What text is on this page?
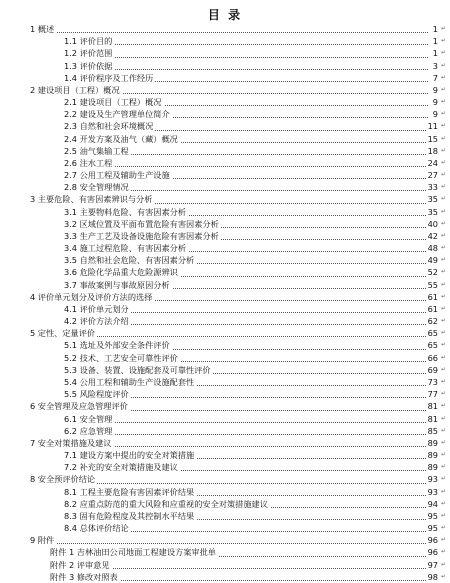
目 录
1 概述	1 ↵
1.1 评价目的	1 ↵
1.2 评价范围	1 ↵
1.3 评价依据	3 ↵
1.4 评价程序及工作经历	7 ↵
2 建设项目（工程）概况	9 ↵
2.1 建设项目（工程）概况	9 ↵
2.2 建设及生产管理单位简介	9 ↵
2.3 自然和社会环境概况	11 ↵
2.4 开发方案及油气（藏）概况	15 ↵
2.5 油气集输工程	18 ↵
2.6 注水工程	24 ↵
2.7 公用工程及辅助生产设施	27 ↵
2.8 安全管理情况	33 ↵
3 主要危险、有害因素辨识与分析	35 ↵
3.1 主要物料危险、有害因素分析	35 ↵
3.2 区域位置及平面布置危险有害因素分析	40 ↵
3.3 生产工艺及设备设施危险有害因素分析	42 ↵
3.4 施工过程危险、有害因素分析	48 ↵
3.5 自然和社会危险、有害因素分析	49 ↵
3.6 危险化学品重大危险源辨识	52 ↵
3.7 事故案例与事故原因分析	55 ↵
4 评价单元划分及评价方法的选择	61 ↵
4.1 评价单元划分	61 ↵
4.2 评价方法介绍	62 ↵
5 定性、定量评价	65 ↵
5.1 选址及外部安全条件评价	65 ↵
5.2 技术、工艺安全可靠性评价	66 ↵
5.3 设备、装置、设施配套及可靠性评价	69 ↵
5.4 公用工程和辅助生产设施配套性	73 ↵
5.5 风险程度评价	77 ↵
6 安全管理及应急管理评价	81 ↵
6.1 安全管理	81 ↵
6.2 应急管理	85 ↵
7 安全对策措施及建议	89 ↵
7.1 建设方案中提出的安全对策措施	89 ↵
7.2 补充的安全对策措施及建议	89 ↵
8 安全预评价结论	93 ↵
8.1 工程主要危险有害因素评价结果	93 ↵
8.2 应重点防范的重大风险和应重视的安全对策措施建议	94 ↵
8.3 固有危险程度及其控制水平结果	95 ↵
8.4 总体评价结论	95 ↵
9 附件	96 ↵
附件 1 吉林油田公司地面工程建设方案审批单	96 ↵
附件 2 评审意见	97 ↵
附件 3 修改对照表	98 ↵
